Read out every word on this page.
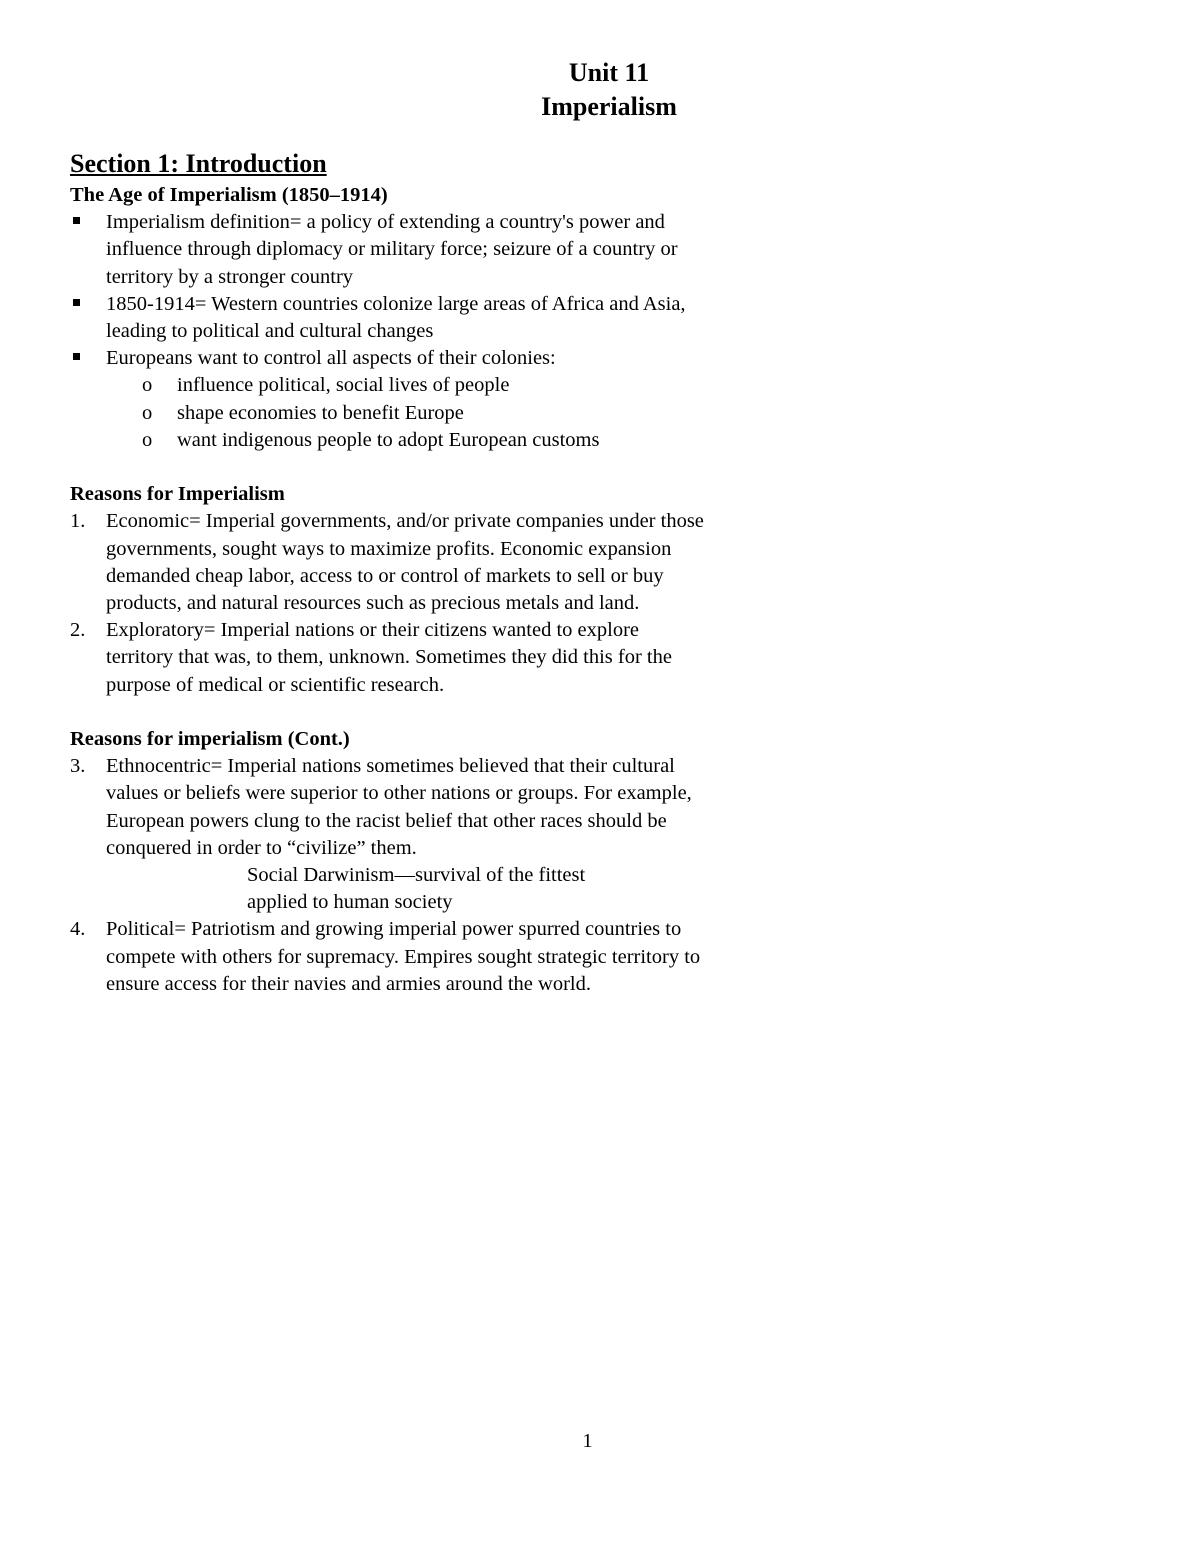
Unit 11
Imperialism
Section 1: Introduction
The Age of Imperialism (1850–1914)
Imperialism definition= a policy of extending a country's power and influence through diplomacy or military force; seizure of a country or territory by a stronger country
1850-1914= Western countries colonize large areas of Africa and Asia, leading to political and cultural changes
Europeans want to control all aspects of their colonies:
o	influence political, social lives of people
o	shape economies to benefit Europe
o	want indigenous people to adopt European customs
Reasons for Imperialism
1.	Economic= Imperial governments, and/or private companies under those governments, sought ways to maximize profits. Economic expansion demanded cheap labor, access to or control of markets to sell or buy products, and natural resources such as precious metals and land.
2.	Exploratory= Imperial nations or their citizens wanted to explore territory that was, to them, unknown. Sometimes they did this for the purpose of medical or scientific research.
Reasons for imperialism (Cont.)
3.	Ethnocentric= Imperial nations sometimes believed that their cultural values or beliefs were superior to other nations or groups. For example, European powers clung to the racist belief that other races should be conquered in order to “civilize” them.
Social Darwinism—survival of the fittest
applied to human society
4.	Political= Patriotism and growing imperial power spurred countries to compete with others for supremacy. Empires sought strategic territory to ensure access for their navies and armies around the world.
1
